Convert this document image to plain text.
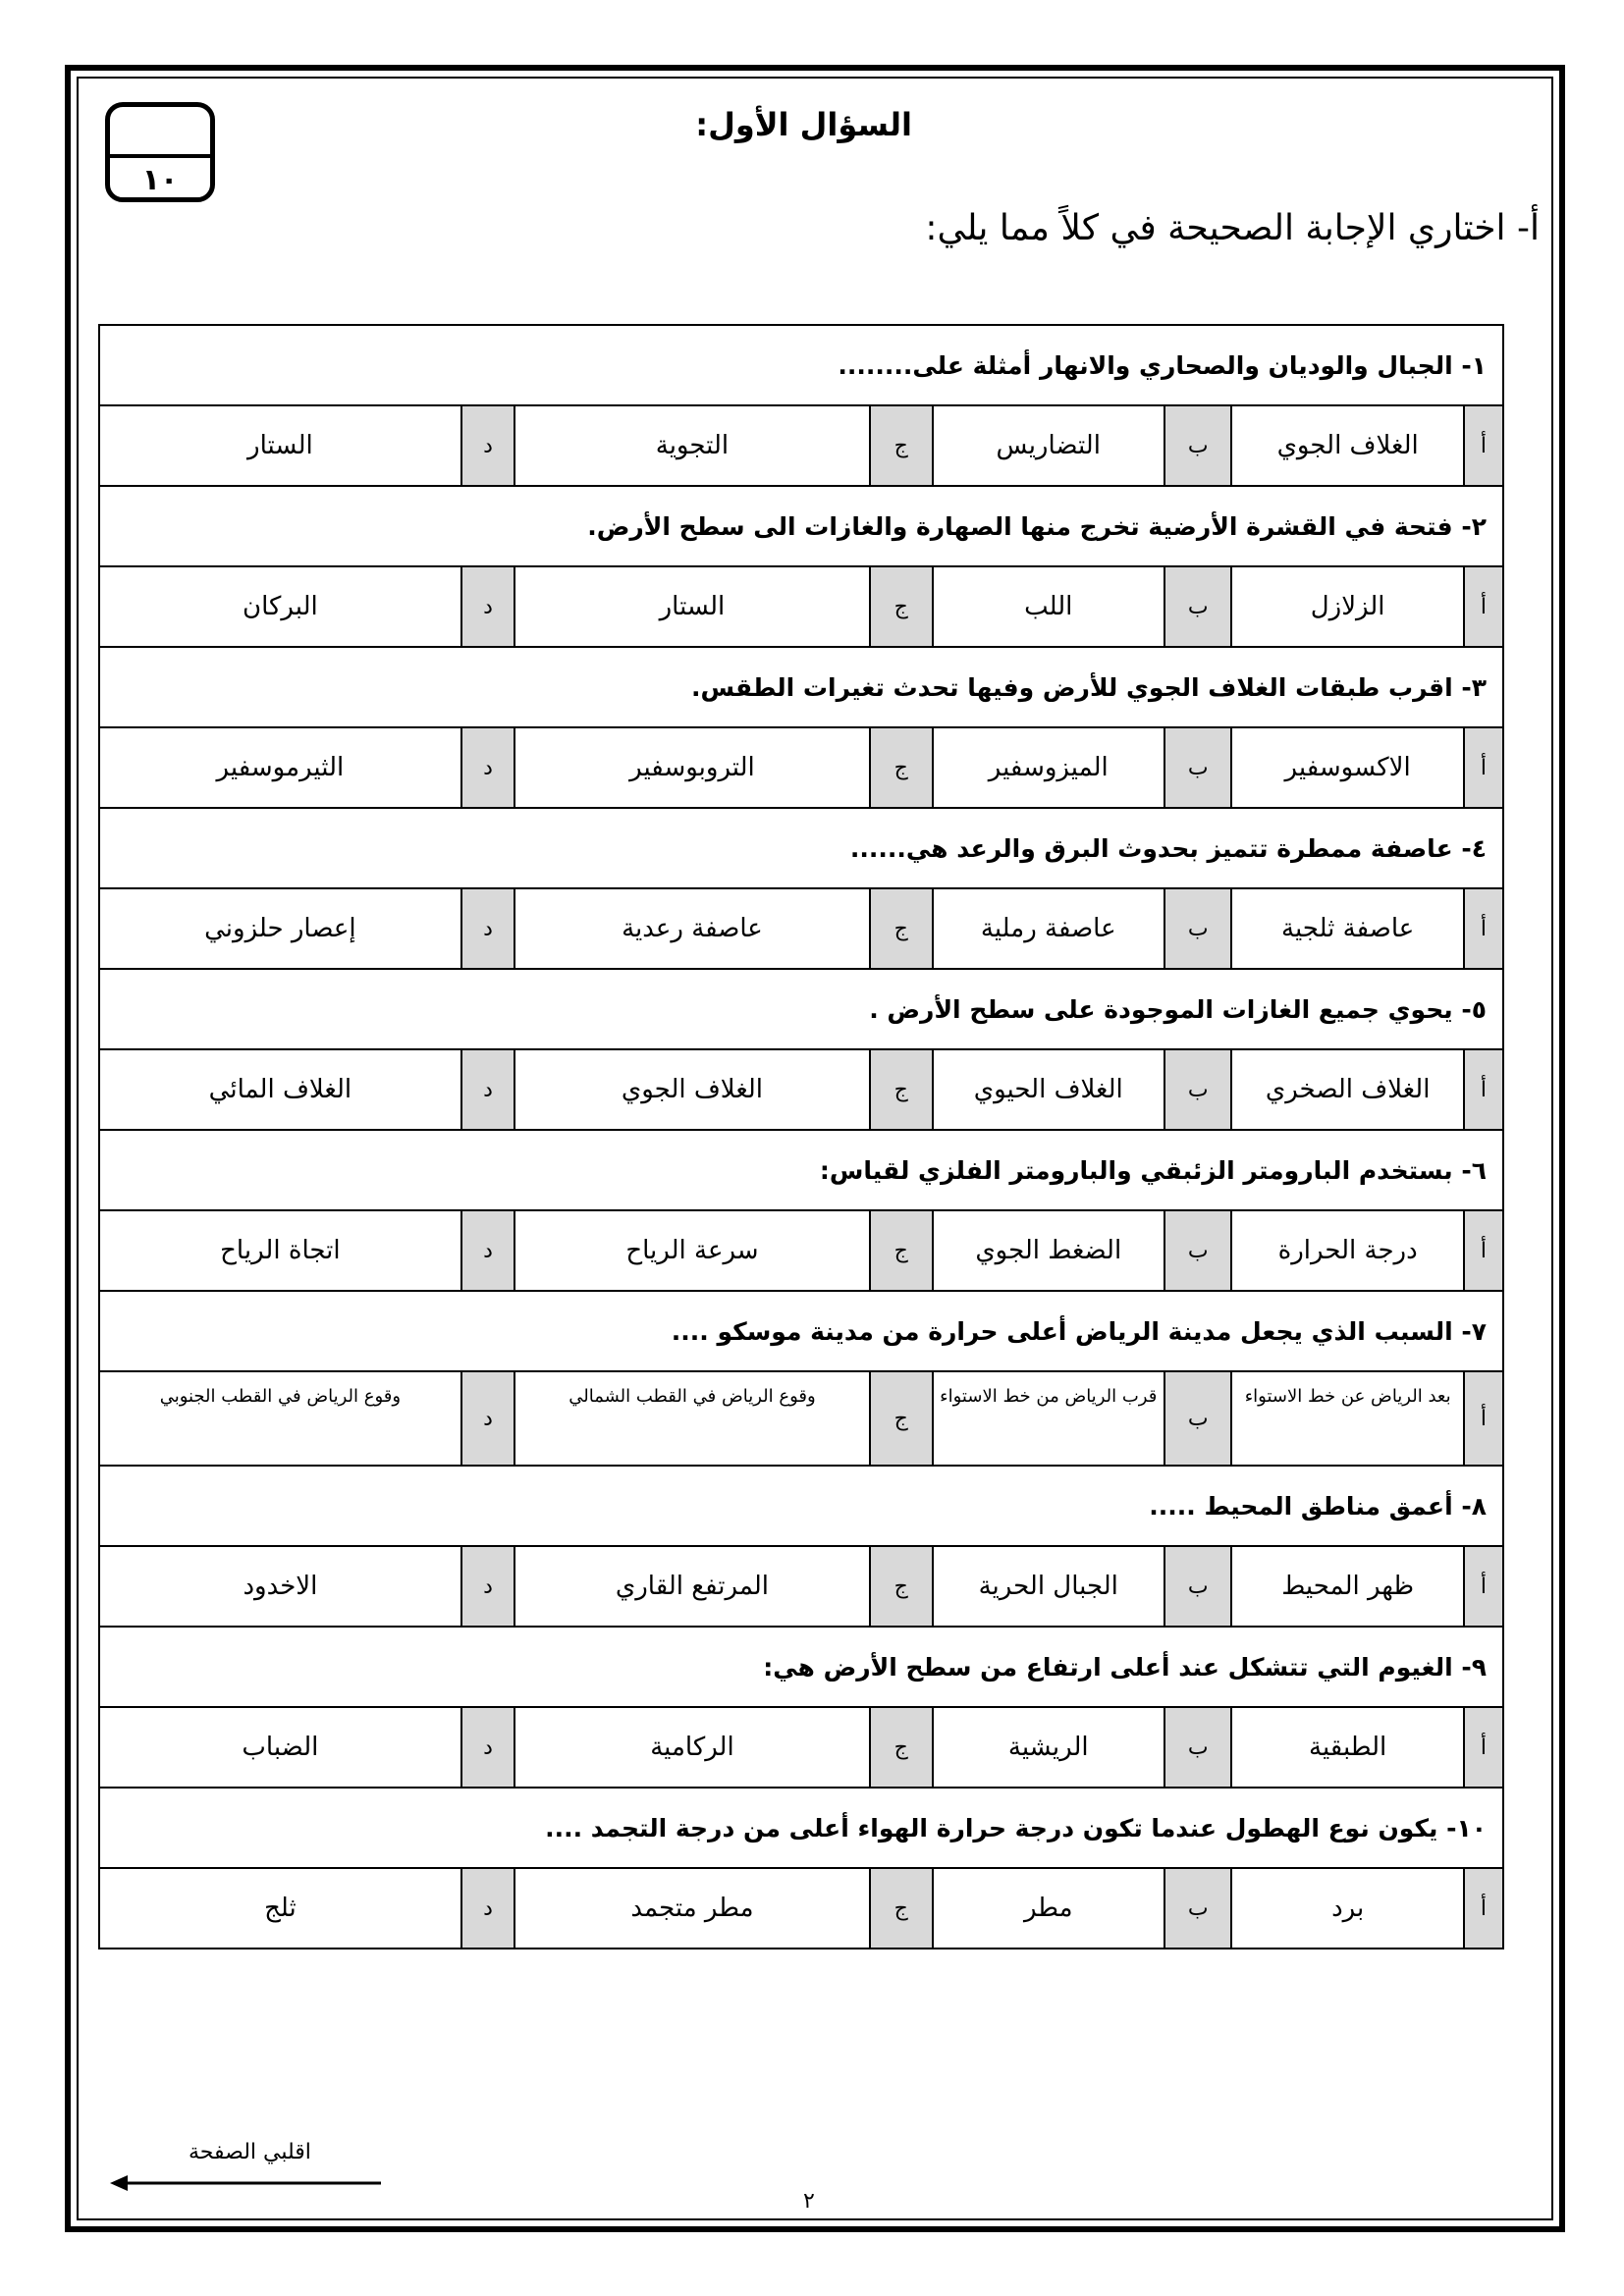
١٠
السؤال الأول:
أ- اختاري الإجابة الصحيحة في كلاً مما يلي:
١- الجبال والوديان والصحاري والانهار أمثلة على........							
أ	الغلاف الجوي	ب	التضاريس	ج	التجوية	د	الستار
٢- فتحة في القشرة الأرضية تخرج منها الصهارة والغازات الى سطح الأرض.							
أ	الزلازل	ب	اللب	ج	الستار	د	البركان
٣- اقرب طبقات الغلاف الجوي للأرض وفيها تحدث تغيرات الطقس.							
أ	الاكسوسفير	ب	الميزوسفير	ج	التروبوسفير	د	الثيرموسفير
٤- عاصفة ممطرة تتميز بحدوث البرق والرعد هي......							
أ	عاصفة ثلجية	ب	عاصفة رملية	ج	عاصفة رعدية	د	إعصار حلزوني
٥- يحوي جميع الغازات الموجودة على سطح الأرض .							
أ	الغلاف الصخري	ب	الغلاف الحيوي	ج	الغلاف الجوي	د	الغلاف المائي
٦- بستخدم البارومتر الزئبقي والبارومتر الفلزي لقياس:							
أ	درجة الحرارة	ب	الضغط الجوي	ج	سرعة الرياح	د	اتجاة الرياح
٧- السبب الذي يجعل مدينة الرياض أعلى حرارة من مدينة موسكو ....							
أ	بعد الرياض عن خط الاستواء	ب	قرب الرياض من خط الاستواء	ج	وقوع الرياض في القطب الشمالي	د	وقوع الرياض في القطب الجنوبي
٨- أعمق مناطق المحيط .....							
أ	ظهر المحيط	ب	الجبال الحرية	ج	المرتفع القاري	د	الاخدود
٩- الغيوم التي تتشكل عند أعلى ارتفاع من سطح الأرض هي:							
أ	الطبقية	ب	الريشية	ج	الركامية	د	الضباب
١٠- يكون نوع الهطول عندما تكون درجة حرارة الهواء أعلى من درجة التجمد ....							
أ	برد	ب	مطر	ج	مطر متجمد	د	ثلج
اقلبي الصفحة
٢
